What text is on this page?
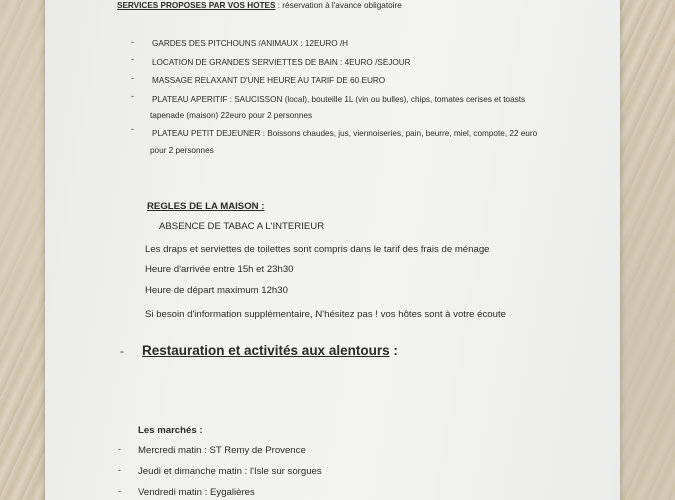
SERVICES PROPOSES PAR VOS HOTES : réservation à l'avance obligatoire
- GARDES DES PITCHOUNS /ANIMAUX : 12EURO /H
- LOCATION DE GRANDES SERVIETTES DE BAIN : 4EURO /SEJOUR
- MASSAGE RELAXANT D'UNE HEURE AU TARIF DE 60 EURO
- PLATEAU APERITIF : SAUCISSON (local), bouteille 1L (vin ou bulles), chips, tomates cerises et toasts
tapenade (maison) 22euro pour 2 personnes
- PLATEAU PETIT DEJEUNER : Boissons chaudes, jus, viennoiseries, pain, beurre, miel, compote, 22 euro
pour 2 personnes
REGLES DE LA MAISON :
ABSENCE DE TABAC A L'INTERIEUR
Les draps et serviettes de toilettes sont compris dans le tarif des frais de ménage
Heure d'arrivée entre 15h et 23h30
Heure de départ maximum 12h30
Si besoin d'information supplémentaire, N'hésitez pas ! vos hôtes sont à votre écoute
- Restauration et activités aux alentours :
Les marchés :
- Mercredi matin : ST Remy de Provence
- Jeudi et dimanche matin : l'Isle sur sorgues
- Vendredi matin : Eygalières
